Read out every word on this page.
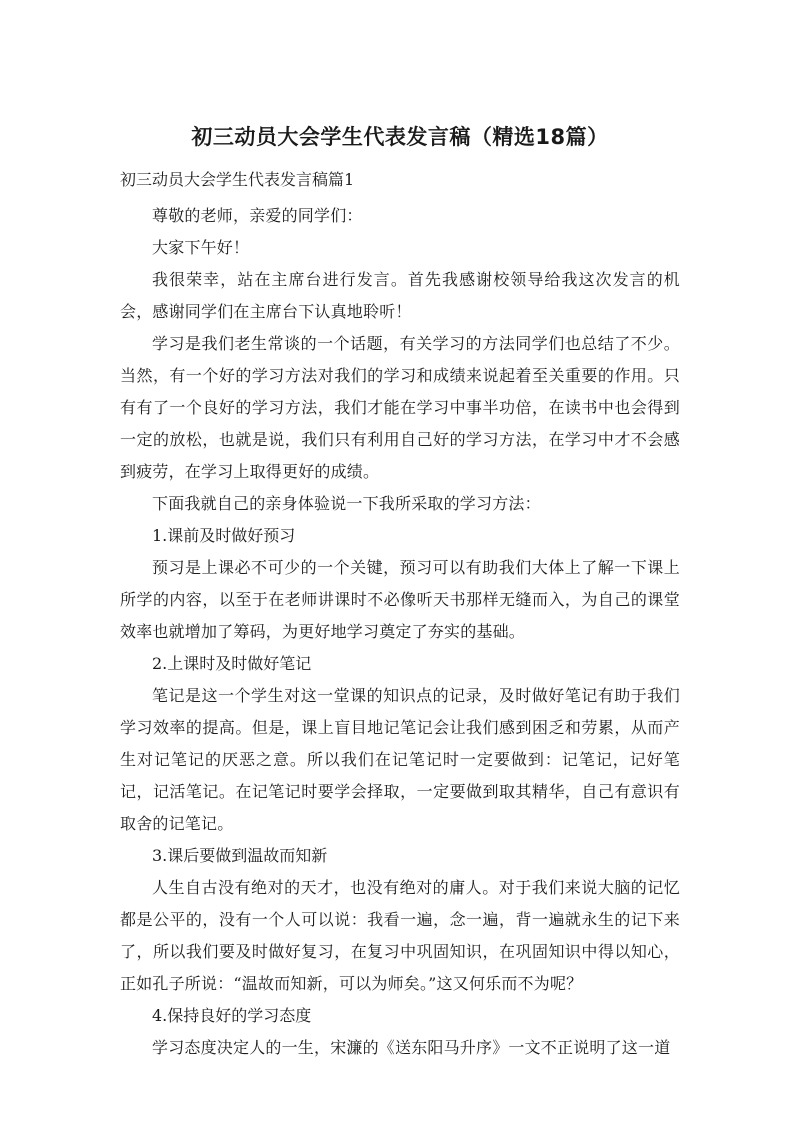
初三动员大会学生代表发言稿（精选18篇）
初三动员大会学生代表发言稿篇1

尊敬的老师，亲爱的同学们：

大家下午好！

我很荣幸，站在主席台进行发言。首先我感谢校领导给我这次发言的机会，感谢同学们在主席台下认真地聆听！

学习是我们老生常谈的一个话题，有关学习的方法同学们也总结了不少。当然，有一个好的学习方法对我们的学习和成绩来说起着至关重要的作用。只有有了一个良好的学习方法，我们才能在学习中事半功倍，在读书中也会得到一定的放松，也就是说，我们只有利用自己好的学习方法，在学习中才不会感到疲劳，在学习上取得更好的成绩。

下面我就自己的亲身体验说一下我所采取的学习方法：

1.课前及时做好预习

预习是上课必不可少的一个关键，预习可以有助我们大体上了解一下课上所学的内容，以至于在老师讲课时不必像听天书那样无缝而入，为自己的课堂效率也就增加了筹码，为更好地学习奠定了夯实的基础。

2.上课时及时做好笔记

笔记是这一个学生对这一堂课的知识点的记录，及时做好笔记有助于我们学习效率的提高。但是，课上盲目地记笔记会让我们感到困乏和劳累，从而产生对记笔记的厌恶之意。所以我们在记笔记时一定要做到：记笔记，记好笔记，记活笔记。在记笔记时要学会择取，一定要做到取其精华，自己有意识有取舍的记笔记。

3.课后要做到温故而知新

人生自古没有绝对的天才，也没有绝对的庸人。对于我们来说大脑的记忆都是公平的，没有一个人可以说：我看一遍，念一遍，背一遍就永生的记下来了，所以我们要及时做好复习，在复习中巩固知识，在巩固知识中得以知心，正如孔子所说：“温故而知新，可以为师矣。”这又何乐而不为呢？

4.保持良好的学习态度

学习态度决定人的一生，宋濂的《送东阳马升序》一文不正说明了这一道
